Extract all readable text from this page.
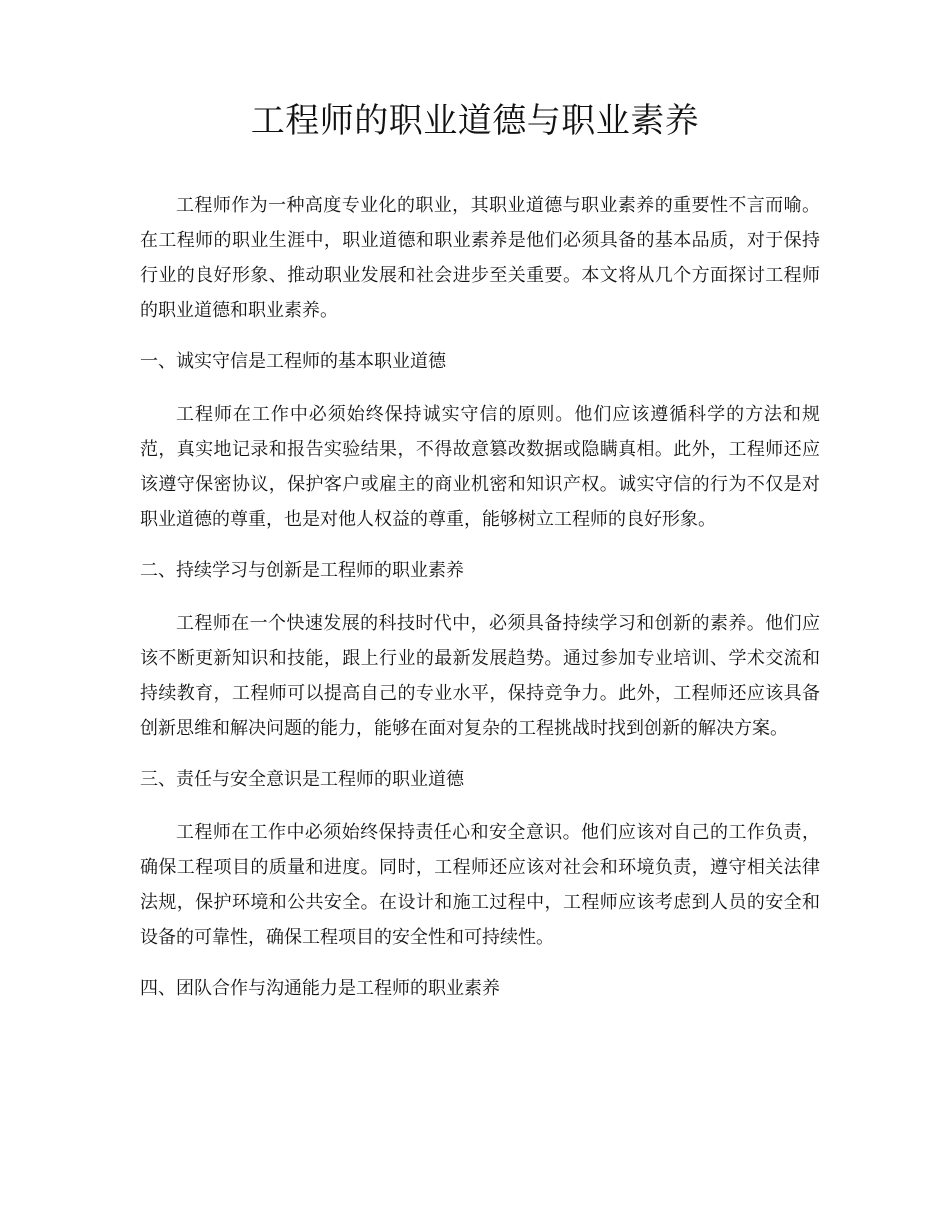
工程师的职业道德与职业素养

工程师作为一种高度专业化的职业，其职业道德与职业素养的重要性不言而喻。在工程师的职业生涯中，职业道德和职业素养是他们必须具备的基本品质，对于保持行业的良好形象、推动职业发展和社会进步至关重要。本文将从几个方面探讨工程师的职业道德和职业素养。

一、诚实守信是工程师的基本职业道德

工程师在工作中必须始终保持诚实守信的原则。他们应该遵循科学的方法和规范，真实地记录和报告实验结果，不得故意篡改数据或隐瞒真相。此外，工程师还应该遵守保密协议，保护客户或雇主的商业机密和知识产权。诚实守信的行为不仅是对职业道德的尊重，也是对他人权益的尊重，能够树立工程师的良好形象。

二、持续学习与创新是工程师的职业素养

工程师在一个快速发展的科技时代中，必须具备持续学习和创新的素养。他们应该不断更新知识和技能，跟上行业的最新发展趋势。通过参加专业培训、学术交流和持续教育，工程师可以提高自己的专业水平，保持竞争力。此外，工程师还应该具备创新思维和解决问题的能力，能够在面对复杂的工程挑战时找到创新的解决方案。

三、责任与安全意识是工程师的职业道德

工程师在工作中必须始终保持责任心和安全意识。他们应该对自己的工作负责，确保工程项目的质量和进度。同时，工程师还应该对社会和环境负责，遵守相关法律法规，保护环境和公共安全。在设计和施工过程中，工程师应该考虑到人员的安全和设备的可靠性，确保工程项目的安全性和可持续性。

四、团队合作与沟通能力是工程师的职业素养
